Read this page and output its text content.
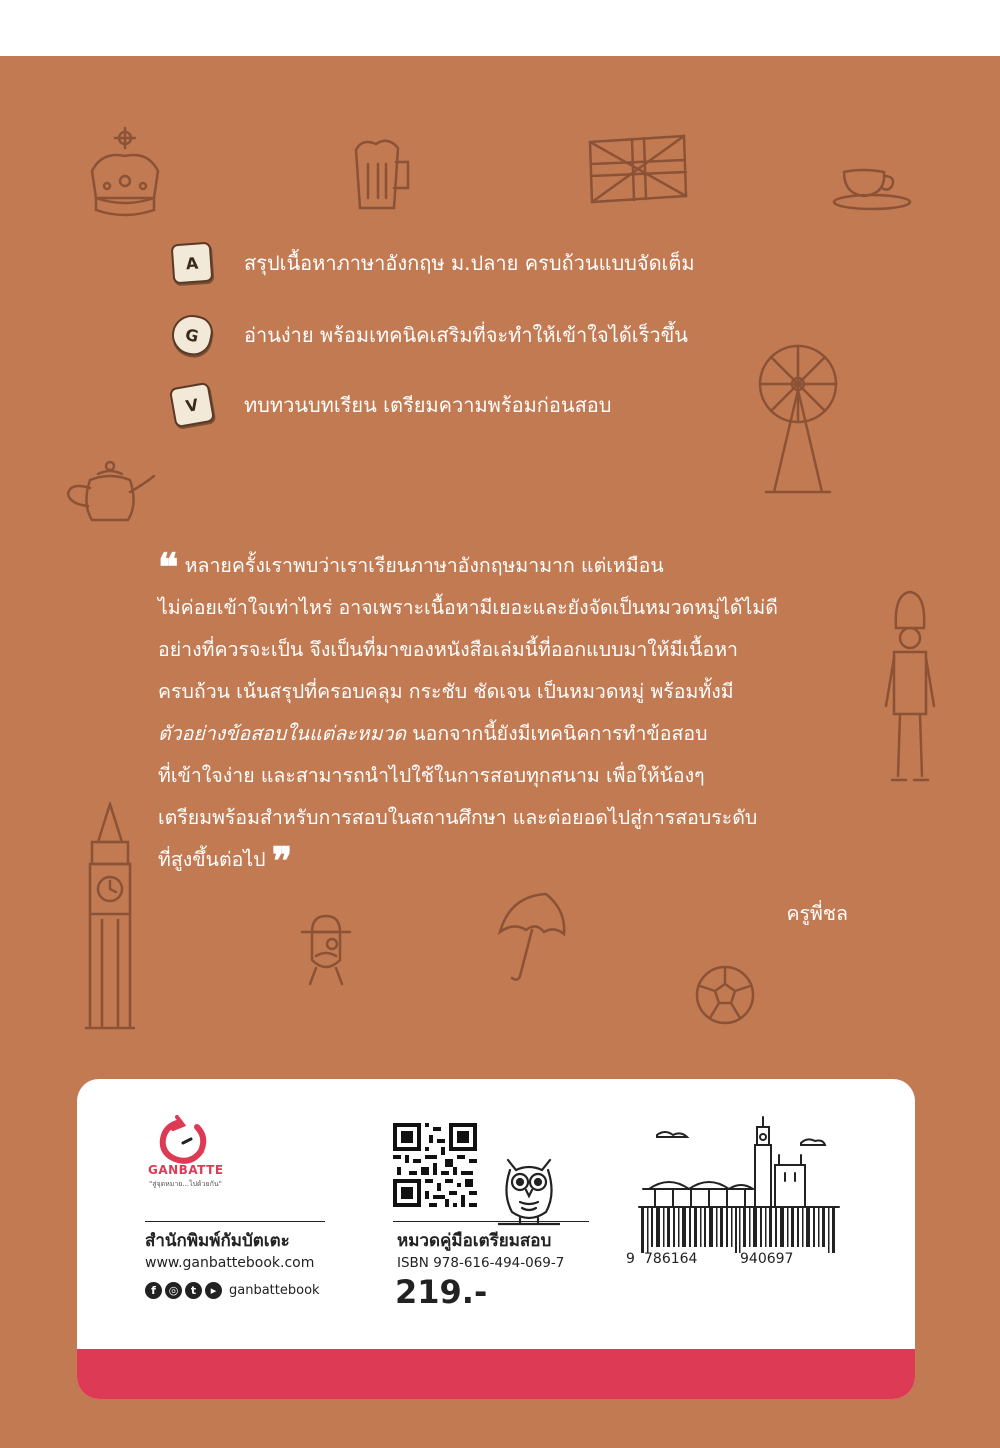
A	สรุปเนื้อหาภาษาอังกฤษ ม.ปลาย ครบถ้วนแบบจัดเต็ม
G	อ่านง่าย พร้อมเทคนิคเสริมที่จะทำให้เข้าใจได้เร็วขึ้น
V	ทบทวนบทเรียน เตรียมความพร้อมก่อนสอบ
❝ หลายครั้งเราพบว่าเราเรียนภาษาอังกฤษมามาก แต่เหมือน
ไม่ค่อยเข้าใจเท่าไหร่ อาจเพราะเนื้อหามีเยอะและยังจัดเป็นหมวดหมู่ได้ไม่ดี
อย่างที่ควรจะเป็น จึงเป็นที่มาของหนังสือเล่มนี้ที่ออกแบบมาให้มีเนื้อหา
ครบถ้วน เน้นสรุปที่ครอบคลุม กระชับ ชัดเจน เป็นหมวดหมู่ พร้อมทั้งมี
ตัวอย่างข้อสอบในแต่ละหมวด นอกจากนี้ยังมีเทคนิคการทำข้อสอบ
ที่เข้าใจง่าย และสามารถนำไปใช้ในการสอบทุกสนาม เพื่อให้น้องๆ
เตรียมพร้อมสำหรับการสอบในสถานศึกษา และต่อยอดไปสู่การสอบระดับ
ที่สูงขึ้นต่อไป ❞
ครูพี่ชล
GANBATTE
"สู่จุดหมาย...ไปด้วยกัน"
สำนักพิมพ์กัมบัตเตะ
www.ganbattebook.com
f	◎	t	▸ ganbattebook
หมวดคู่มือเตรียมสอบ
ISBN 978-616-494-069-7
219.-
9 786164	940697
